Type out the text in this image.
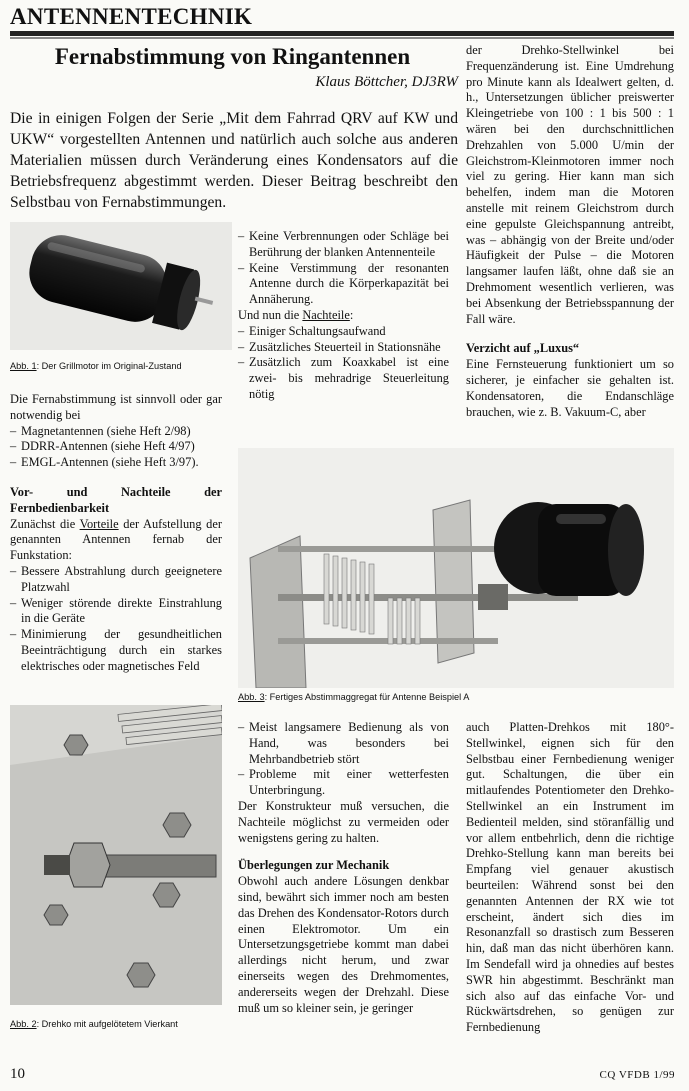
ANTENNENTECHNIK
Fernabstimmung von Ringantennen
Klaus Böttcher, DJ3RW
Die in einigen Folgen der Serie „Mit dem Fahrrad QRV auf KW und UKW“ vorgestellten Antennen und natürlich auch solche aus anderen Materialien müssen durch Veränderung eines Kondensators auf die Betriebsfrequenz abgestimmt werden. Dieser Beitrag beschreibt den Selbstbau von Fernabstimmungen.

der Drehko-Stellwinkel bei Frequenzänderung ist. Eine Umdrehung pro Minute kann als Idealwert gelten, d. h., Untersetzungen üblicher preiswerter Kleingetriebe von 100 : 1 bis 500 : 1 wären bei den durchschnittlichen Drehzahlen von 5.000 U/min der Gleichstrom-Kleinmotoren immer noch viel zu gering. Hier kann man sich behelfen, indem man die Motoren anstelle mit reinem Gleichstrom durch eine gepulste Gleichspannung antreibt, was – abhängig von der Breite und/oder Häufigkeit der Pulse – die Motoren langsamer laufen läßt, ohne daß sie an Drehmoment wesentlich verlieren, was bei Absenkung der Betriebsspannung der Fall wäre.

Verzicht auf „Luxus“

Eine Fernsteuerung funktioniert um so sicherer, je einfacher sie gehalten ist. Kondensatoren, die Endanschläge brauchen, wie z. B. Vakuum-C, aber

Abb. 1: Der Grillmotor im Original-Zustand

Die Fernabstimmung ist sinnvoll oder gar notwendig bei

– Magnetantennen (siehe Heft 2/98)
– DDRR-Antennen (siehe Heft 4/97)
– EMGL-Antennen (siehe Heft 3/97).

Vor- und Nachteile der Fernbedienbarkeit

Zunächst die Vorteile der Aufstellung der genannten Antennen fernab der Funkstation:

– Bessere Abstrahlung durch geeignetere Platzwahl
– Weniger störende direkte Einstrahlung in die Geräte
– Minimierung der gesundheitlichen Beeinträchtigung durch ein starkes elektrisches oder magnetisches Feld
– Keine Verbrennungen oder Schläge bei Berührung der blanken Antennenteile
– Keine Verstimmung der resonanten Antenne durch die Körperkapazität bei Annäherung.

Und nun die Nachteile:

– Einiger Schaltungsaufwand
– Zusätzliches Steuerteil in Stationsnähe
– Zusätzlich zum Koaxkabel ist eine zwei- bis mehradrige Steuerleitung nötig
Abb. 3: Fertiges Abstimmaggregat für Antenne Beispiel A
Abb. 2: Drehko mit aufgelötetem Vierkant
– Meist langsamere Bedienung als von Hand, was besonders bei Mehrbandbetrieb stört
– Probleme mit einer wetterfesten Unterbringung.

Der Konstrukteur muß versuchen, die Nachteile möglichst zu vermeiden oder wenigstens gering zu halten.

Überlegungen zur Mechanik

Obwohl auch andere Lösungen denkbar sind, bewährt sich immer noch am besten das Drehen des Kondensator-Rotors durch einen Elektromotor. Um ein Untersetzungsgetriebe kommt man dabei allerdings nicht herum, und zwar einerseits wegen des Drehmomentes, andererseits wegen der Drehzahl. Diese muß um so kleiner sein, je geringer

auch Platten-Drehkos mit 180°-Stellwinkel, eignen sich für den Selbstbau einer Fernbedienung weniger gut. Schaltungen, die über ein mitlaufendes Potentiometer den Drehko-Stellwinkel an ein Instrument im Bedienteil melden, sind störanfällig und vor allem entbehrlich, denn die richtige Drehko-Stellung kann man bereits bei Empfang viel genauer akustisch beurteilen: Während sonst bei den genannten Antennen der RX wie tot erscheint, ändert sich dies im Resonanzfall so drastisch zum Besseren hin, daß man das nicht überhören kann. Im Sendefall wird ja ohnedies auf bestes SWR hin abgestimmt. Beschränkt man sich also auf das einfache Vor- und Rückwärtsdrehen, so genügen zur Fernbedienung

10	CQ VFDB 1/99
